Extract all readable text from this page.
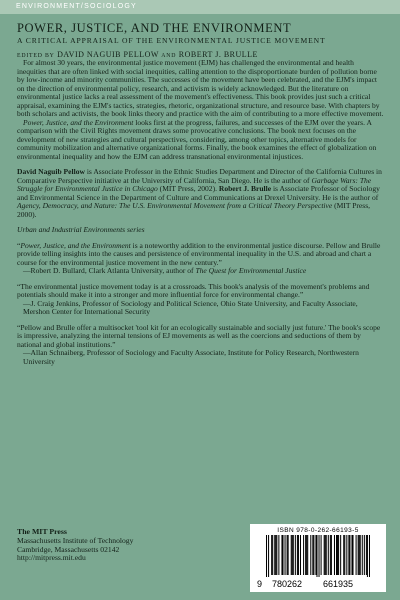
ENVIRONMENT/SOCIOLOGY
POWER, JUSTICE, AND THE ENVIRONMENT
A CRITICAL APPRAISAL OF THE ENVIRONMENTAL JUSTICE MOVEMENT
EDITED BY DAVID NAGUIB PELLOW AND ROBERT J. BRULLE

For almost 30 years, the environmental justice movement (EJM) has challenged the environmental and health inequities that are often linked with social inequities, calling attention to the disproportionate burden of pollution borne by low-income and minority communities. The successes of the movement have been celebrated, and the EJM's impact on the direction of environmental policy, research, and activism is widely acknowledged. But the literature on environmental justice lacks a real assessment of the movement's effectiveness. This book provides just such a critical appraisal, examining the EJM's tactics, strategies, rhetoric, organizational structure, and resource base. With chapters by both scholars and activists, the book links theory and practice with the aim of contributing to a more effective movement.

Power, Justice, and the Environment looks first at the progress, failures, and successes of the EJM over the years. A comparison with the Civil Rights movement draws some provocative conclusions. The book next focuses on the development of new strategies and cultural perspectives, considering, among other topics, alternative models for community mobilization and alternative organizational forms. Finally, the book examines the effect of globalization on environmental inequality and how the EJM can address transnational environmental injustices.

David Naguib Pellow is Associate Professor in the Ethnic Studies Department and Director of the California Cultures in Comparative Perspective initiative at the University of California, San Diego. He is the author of Garbage Wars: The Struggle for Environmental Justice in Chicago (MIT Press, 2002). Robert J. Brulle is Associate Professor of Sociology and Environmental Science in the Department of Culture and Communications at Drexel University. He is the author of Agency, Democracy, and Nature: The U.S. Environmental Movement from a Critical Theory Perspective (MIT Press, 2000).

Urban and Industrial Environments series

“Power, Justice, and the Environment is a noteworthy addition to the environmental justice discourse. Pellow and Brulle provide telling insights into the causes and persistence of environmental inequality in the U.S. and abroad and chart a course for the environmental justice movement in the new century.”

—Robert D. Bullard, Clark Atlanta University, author of The Quest for Environmental Justice

“The environmental justice movement today is at a crossroads. This book's analysis of the movement's problems and potentials should make it into a stronger and more influential force for environmental change.”

—J. Craig Jenkins, Professor of Sociology and Political Science, Ohio State University, and Faculty Associate, Mershon Center for International Security

“Pellow and Brulle offer a multisocket 'tool kit for an ecologically sustainable and socially just future.' The book's scope is impressive, analyzing the internal tensions of EJ movements as well as the coercions and seductions of them by national and global institutions.”

—Allan Schnaiberg, Professor of Sociology and Faculty Associate, Institute for Policy Research, Northwestern University

The MIT Press
Massachusetts Institute of Technology
Cambridge, Massachusetts 02142
http://mitpress.mit.edu
ISBN 978-0-262-66193-5
9 780262 661935
